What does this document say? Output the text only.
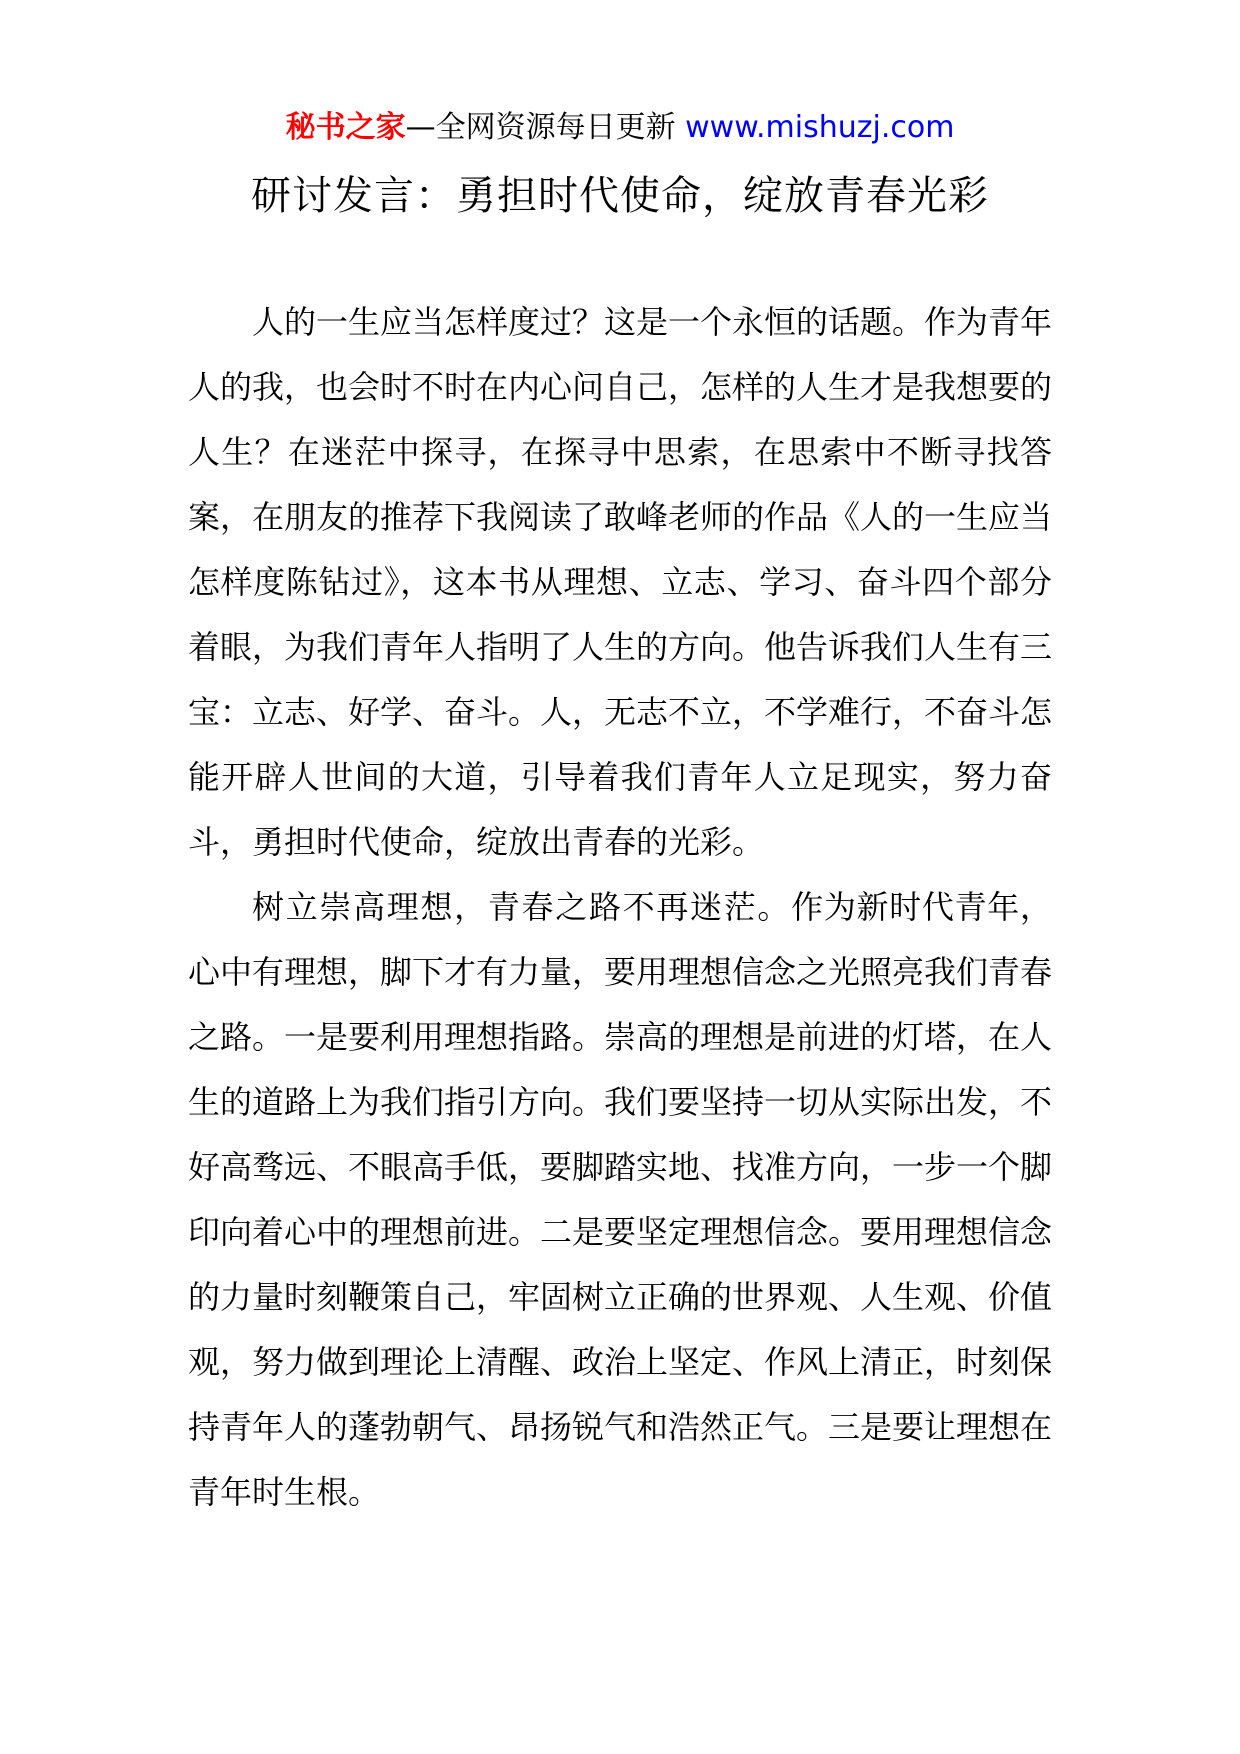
秘书之家—全网资源每日更新 www.mishuzj.com
研讨发言：勇担时代使命，绽放青春光彩

人的一生应当怎样度过？这是一个永恒的话题。作为青年人的我，也会时不时在内心问自己，怎样的人生才是我想要的人生？在迷茫中探寻，在探寻中思索，在思索中不断寻找答案，在朋友的推荐下我阅读了敢峰老师的作品《人的一生应当怎样度陈钻过》，这本书从理想、立志、学习、奋斗四个部分着眼，为我们青年人指明了人生的方向。他告诉我们人生有三宝：立志、好学、奋斗。人，无志不立，不学难行，不奋斗怎能开辟人世间的大道，引导着我们青年人立足现实，努力奋斗，勇担时代使命，绽放出青春的光彩。

树立崇高理想，青春之路不再迷茫。作为新时代青年，心中有理想，脚下才有力量，要用理想信念之光照亮我们青春之路。一是要利用理想指路。崇高的理想是前进的灯塔，在人生的道路上为我们指引方向。我们要坚持一切从实际出发，不好高骛远、不眼高手低，要脚踏实地、找准方向，一步一个脚印向着心中的理想前进。二是要坚定理想信念。要用理想信念的力量时刻鞭策自己，牢固树立正确的世界观、人生观、价值观，努力做到理论上清醒、政治上坚定、作风上清正，时刻保持青年人的蓬勃朝气、昂扬锐气和浩然正气。三是要让理想在青年时生根。
